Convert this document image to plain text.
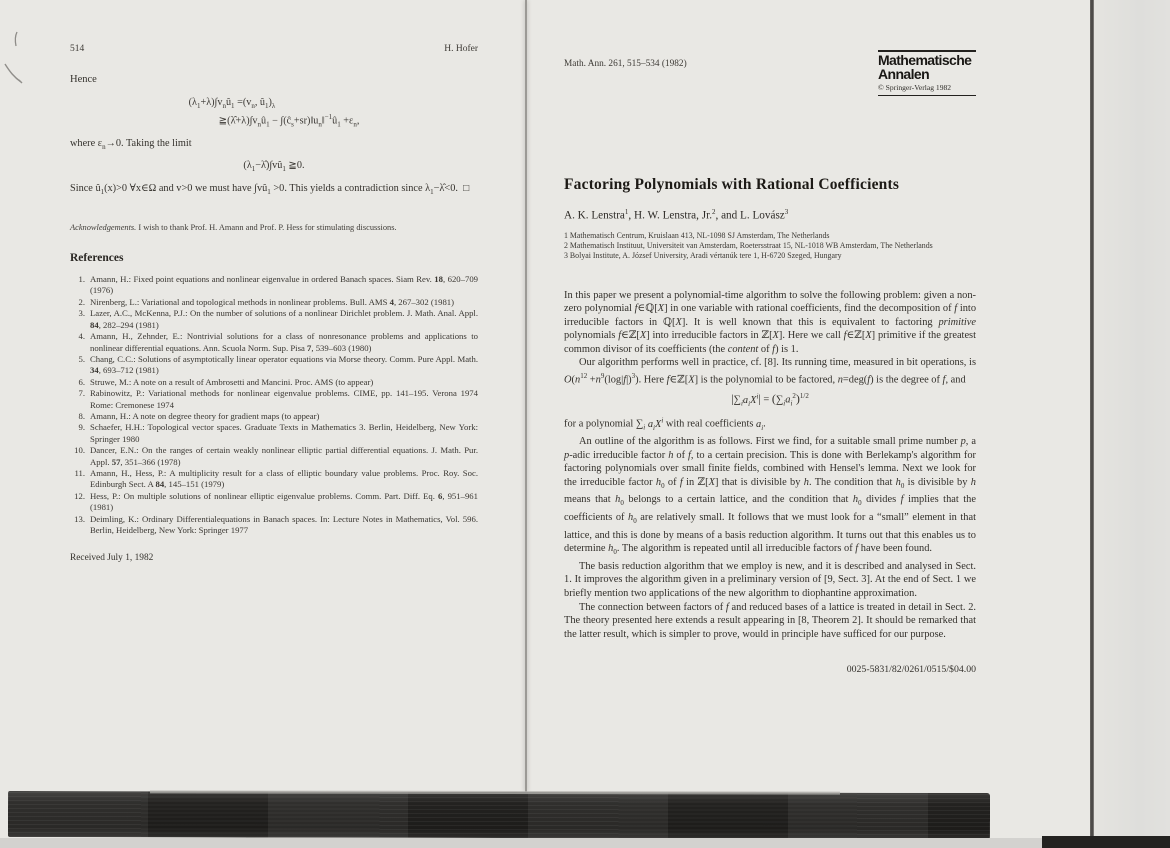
514	H. Hofer
Hence
$(\lambda_1+\lambda)\int v_nû_1 =(v_n$, $û_1)_\lambda$
$≧(\lambdâ+\lambda)\int v_nû_1$ − $\int(ĉ_s+sr)‖u_n‖^{-1}û_1 +\varepsilon_n$,
where $\varepsilon_n\to 0$. Taking the limit
$(\lambda_1-\lambdâ)\int vû_1$ ≧0.
Since $û_1(x)>0$ ∀x∈Ω and v>0 we must have $\int vû_1 >0$. This yields a contradiction since $\lambda_1-\lambdâ<0$.  □
Acknowledgements. I wish to thank Prof. H. Amann and Prof. P. Hess for stimulating discussions.
References
1. Amann, H.: Fixed point equations and nonlinear eigenvalue in ordered Banach spaces. Siam Rev. 18, 620–709 (1976)
2. Nirenberg, L.: Variational and topological methods in nonlinear problems. Bull. AMS 4, 267–302 (1981)
3. Lazer, A.C., McKenna, P.J.: On the number of solutions of a nonlinear Dirichlet problem. J. Math. Anal. Appl. 84, 282–294 (1981)
4. Amann, H., Zehnder, E.: Nontrivial solutions for a class of nonresonance problems and applications to nonlinear differential equations. Ann. Scuola Norm. Sup. Pisa 7, 539–603 (1980)
5. Chang, C.C.: Solutions of asymptotically linear operator equations via Morse theory. Comm. Pure Appl. Math. 34, 693–712 (1981)
6. Struwe, M.: A note on a result of Ambrosetti and Mancini. Proc. AMS (to appear)
7. Rabinowitz, P.: Variational methods for nonlinear eigenvalue problems. CIME, pp. 141–195. Verona 1974 Rome: Cremonese 1974
8. Amann, H.: A note on degree theory for gradient maps (to appear)
9. Schaefer, H.H.: Topological vector spaces. Graduate Texts in Mathematics 3. Berlin, Heidelberg, New York: Springer 1980
10. Dancer, E.N.: On the ranges of certain weakly nonlinear elliptic partial differential equations. J. Math. Pur. Appl. 57, 351–366 (1978)
11. Amann, H., Hess, P.: A multiplicity result for a class of elliptic boundary value problems. Proc. Roy. Soc. Edinburgh Sect. A 84, 145–151 (1979)
12. Hess, P.: On multiple solutions of nonlinear elliptic eigenvalue problems. Comm. Part. Diff. Eq. 6, 951–961 (1981)
13. Deimling, K.: Ordinary Differentialequations in Banach spaces. In: Lecture Notes in Mathematics, Vol. 596. Berlin, Heidelberg, New York: Springer 1977
Received July 1, 1982
Math. Ann. 261, 515–534 (1982)	Mathematische
Annalen
© Springer-Verlag 1982
Factoring Polynomials with Rational Coefficients
A. K. Lenstra$^1$, H. W. Lenstra, Jr.$^2$, and L. Lovász$^3$
1 Mathematisch Centrum, Kruislaan 413, NL-1098 SJ Amsterdam, The Netherlands
2 Mathematisch Instituut, Universiteit van Amsterdam, Roetersstraat 15, NL-1018 WB Amsterdam, The Netherlands
3 Bolyai Institute, A. József University, Aradi vértanúk tere 1, H-6720 Szeged, Hungary

In this paper we present a polynomial-time algorithm to solve the following problem: given a non-zero polynomial f∈ℚ[X] in one variable with rational coefficients, find the decomposition of f into irreducible factors in ℚ[X]. It is well known that this is equivalent to factoring primitive polynomials f∈ℤ[X] into irreducible factors in ℤ[X]. Here we call f∈ℤ[X] primitive if the greatest common divisor of its coefficients (the content of f) is 1.

Our algorithm performs well in practice, cf. [8]. Its running time, measured in bit operations, is $O(n^{12} +n^9(\log|f|)^3)$. Here f∈ℤ[X] is the polynomial to be factored, n=deg(f) is the degree of f, and

$|\sum_ia_iX^i| = (\sum_ia_i^2)^{1/2}$

for a polynomial $\sum_i$ $a_iX^i$ with real coefficients $a_i$.

An outline of the algorithm is as follows. First we find, for a suitable small prime number p, a p-adic irreducible factor h of f, to a certain precision. This is done with Berlekamp's algorithm for factoring polynomials over small finite fields, combined with Hensel's lemma. Next we look for the irreducible factor $h_0$ of f in ℤ[X] that is divisible by h. The condition that $h_0$ is divisible by h means that $h_0$ belongs to a certain lattice, and the condition that $h_0$ divides f implies that the coefficients of $h_0$ are relatively small. It follows that we must look for a “small” element in that lattice, and this is done by means of a basis reduction algorithm. It turns out that this enables us to determine $h_0$. The algorithm is repeated until all irreducible factors of f have been found.

The basis reduction algorithm that we employ is new, and it is described and analysed in Sect. 1. It improves the algorithm given in a preliminary version of [9, Sect. 3]. At the end of Sect. 1 we briefly mention two applications of the new algorithm to diophantine approximation.

The connection between factors of f and reduced bases of a lattice is treated in detail in Sect. 2. The theory presented here extends a result appearing in [8, Theorem 2]. It should be remarked that the latter result, which is simpler to prove, would in principle have sufficed for our purpose.

0025-5831/82/0261/0515/$04.00
